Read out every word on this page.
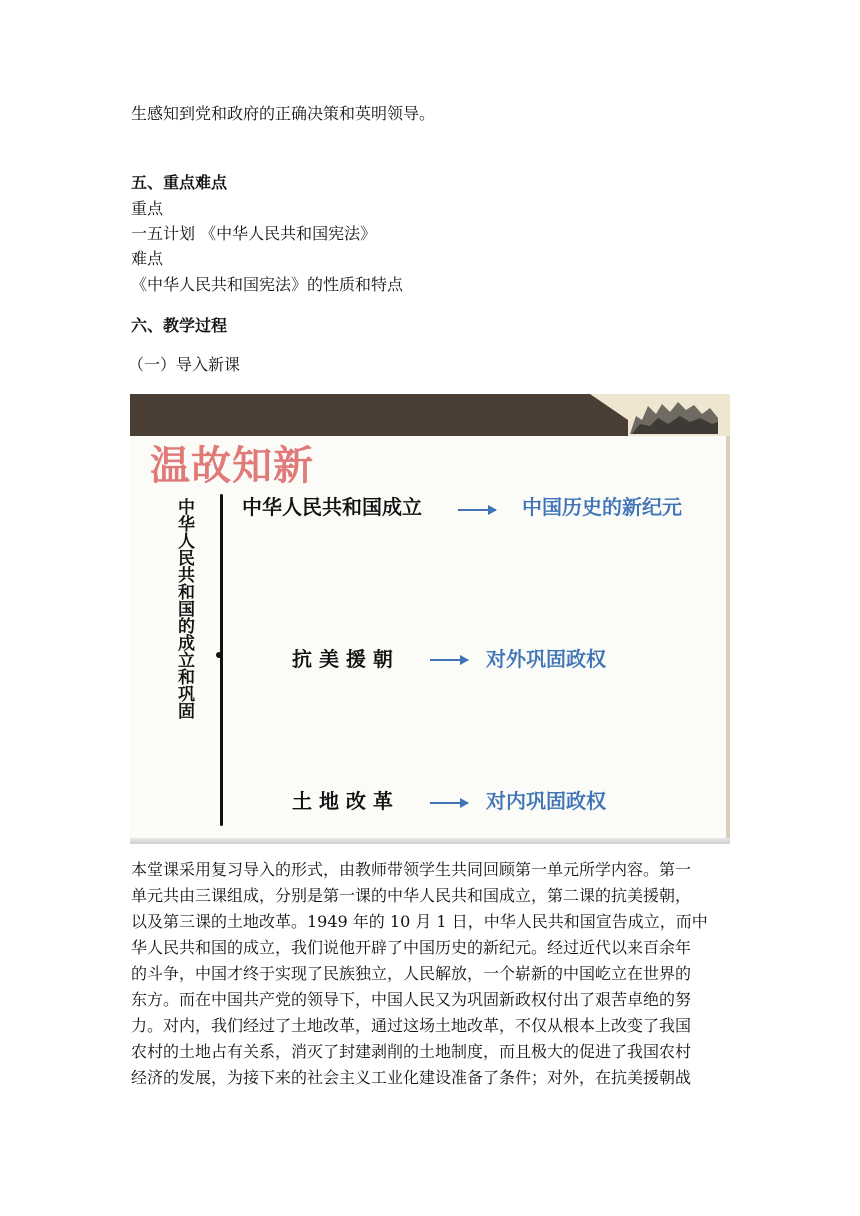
生感知到党和政府的正确决策和英明领导。
五、重点难点
重点
一五计划 《中华人民共和国宪法》
难点
《中华人民共和国宪法》的性质和特点
六、教学过程
（一）导入新课
温故知新
中华人民共和国的成立和巩固 中华人民共和国成立	中国历史的新纪元
抗 美 援 朝	对外巩固政权
土 地 改 革	对内巩固政权
本堂课采用复习导入的形式，由教师带领学生共同回顾第一单元所学内容。第一
单元共由三课组成，分别是第一课的中华人民共和国成立，第二课的抗美援朝，
以及第三课的土地改革。1949 年的 10 月 1 日，中华人民共和国宣告成立，而中
华人民共和国的成立，我们说他开辟了中国历史的新纪元。经过近代以来百余年
的斗争，中国才终于实现了民族独立，人民解放，一个崭新的中国屹立在世界的
东方。而在中国共产党的领导下，中国人民又为巩固新政权付出了艰苦卓绝的努
力。对内，我们经过了土地改革，通过这场土地改革，不仅从根本上改变了我国
农村的土地占有关系，消灭了封建剥削的土地制度，而且极大的促进了我国农村
经济的发展，为接下来的社会主义工业化建设准备了条件；对外，在抗美援朝战
